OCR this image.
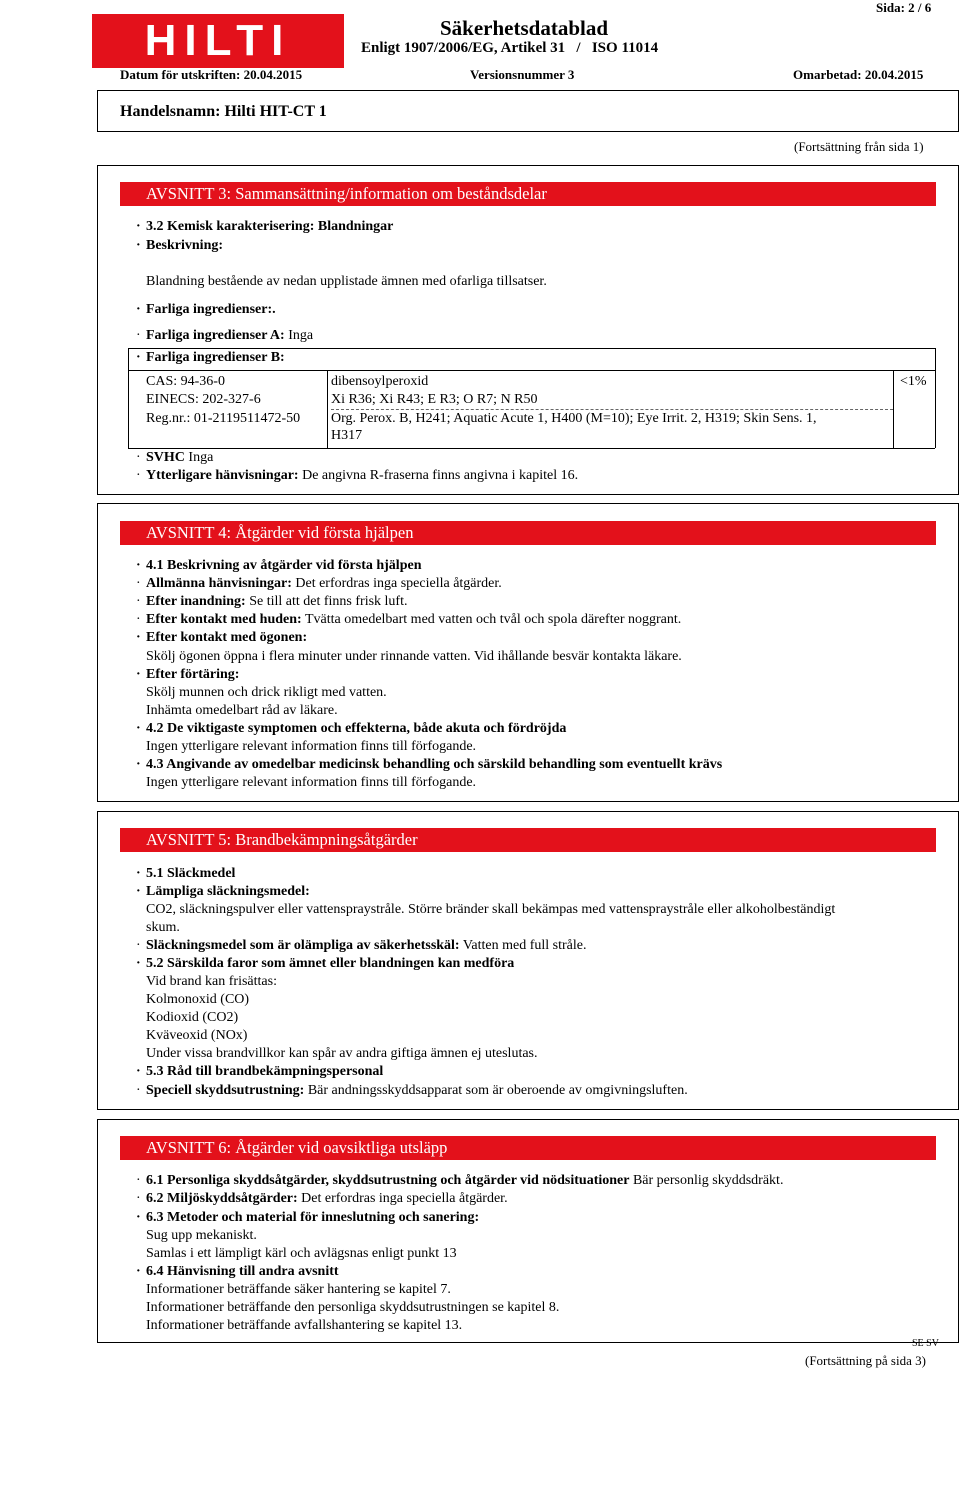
HILTI
Sida: 2 / 6
Säkerhetsdatablad
Enligt 1907/2006/EG, Artikel 31   /   ISO 11014
Datum för utskriften: 20.04.2015	Versionsnummer 3	Omarbetad: 20.04.2015
Handelsnamn: Hilti HIT-CT 1
(Fortsättning från sida 1)
AVSNITT 3: Sammansättning/information om beståndsdelar
· 3.2 Kemisk karakterisering: Blandningar
· Beskrivning:
Blandning bestående av nedan upplistade ämnen med ofarliga tillsatser.
· Farliga ingredienser:.
· Farliga ingredienser A: Inga
· Farliga ingredienser B:
CAS: 94-36-0
EINECS: 202-327-6
Reg.nr.: 01-2119511472-50
dibensoylperoxid
Xi R36; Xi R43; E R3; O R7; N R50
Org. Perox. B, H241; Aquatic Acute 1, H400 (M=10); Eye Irrit. 2, H319; Skin Sens. 1,
H317
<1%
· SVHC Inga
· Ytterligare hänvisningar: De angivna R-fraserna finns angivna i kapitel 16.
AVSNITT 4: Åtgärder vid första hjälpen
· 4.1 Beskrivning av åtgärder vid första hjälpen
· Allmänna hänvisningar: Det erfordras inga speciella åtgärder.
· Efter inandning: Se till att det finns frisk luft.
· Efter kontakt med huden: Tvätta omedelbart med vatten och tvål och spola därefter noggrant.
· Efter kontakt med ögonen:
Skölj ögonen öppna i flera minuter under rinnande vatten. Vid ihållande besvär kontakta läkare.
· Efter förtäring:
Skölj munnen och drick rikligt med vatten.
Inhämta omedelbart råd av läkare.
· 4.2 De viktigaste symptomen och effekterna, både akuta och fördröjda
Ingen ytterligare relevant information finns till förfogande.
· 4.3 Angivande av omedelbar medicinsk behandling och särskild behandling som eventuellt krävs
Ingen ytterligare relevant information finns till förfogande.
AVSNITT 5: Brandbekämpningsåtgärder
· 5.1 Släckmedel
· Lämpliga släckningsmedel:
CO2, släckningspulver eller vattenspraystråle. Större bränder skall bekämpas med vattenspraystråle eller alkoholbeständigt
skum.
· Släckningsmedel som är olämpliga av säkerhetsskäl: Vatten med full stråle.
· 5.2 Särskilda faror som ämnet eller blandningen kan medföra
Vid brand kan frisättas:
Kolmonoxid (CO)
Kodioxid (CO2)
Kväveoxid (NOx)
Under vissa brandvillkor kan spår av andra giftiga ämnen ej uteslutas.
· 5.3 Råd till brandbekämpningspersonal
· Speciell skyddsutrustning: Bär andningsskyddsapparat som är oberoende av omgivningsluften.
AVSNITT 6: Åtgärder vid oavsiktliga utsläpp
· 6.1 Personliga skyddsåtgärder, skyddsutrustning och åtgärder vid nödsituationer Bär personlig skyddsdräkt.
· 6.2 Miljöskyddsåtgärder: Det erfordras inga speciella åtgärder.
· 6.3 Metoder och material för inneslutning och sanering:
Sug upp mekaniskt.
Samlas i ett lämpligt kärl och avlägsnas enligt punkt 13
· 6.4 Hänvisning till andra avsnitt
Informationer beträffande säker hantering se kapitel 7.
Informationer beträffande den personliga skyddsutrustningen se kapitel 8.
Informationer beträffande avfallshantering se kapitel 13.
SE SV
(Fortsättning på sida 3)
